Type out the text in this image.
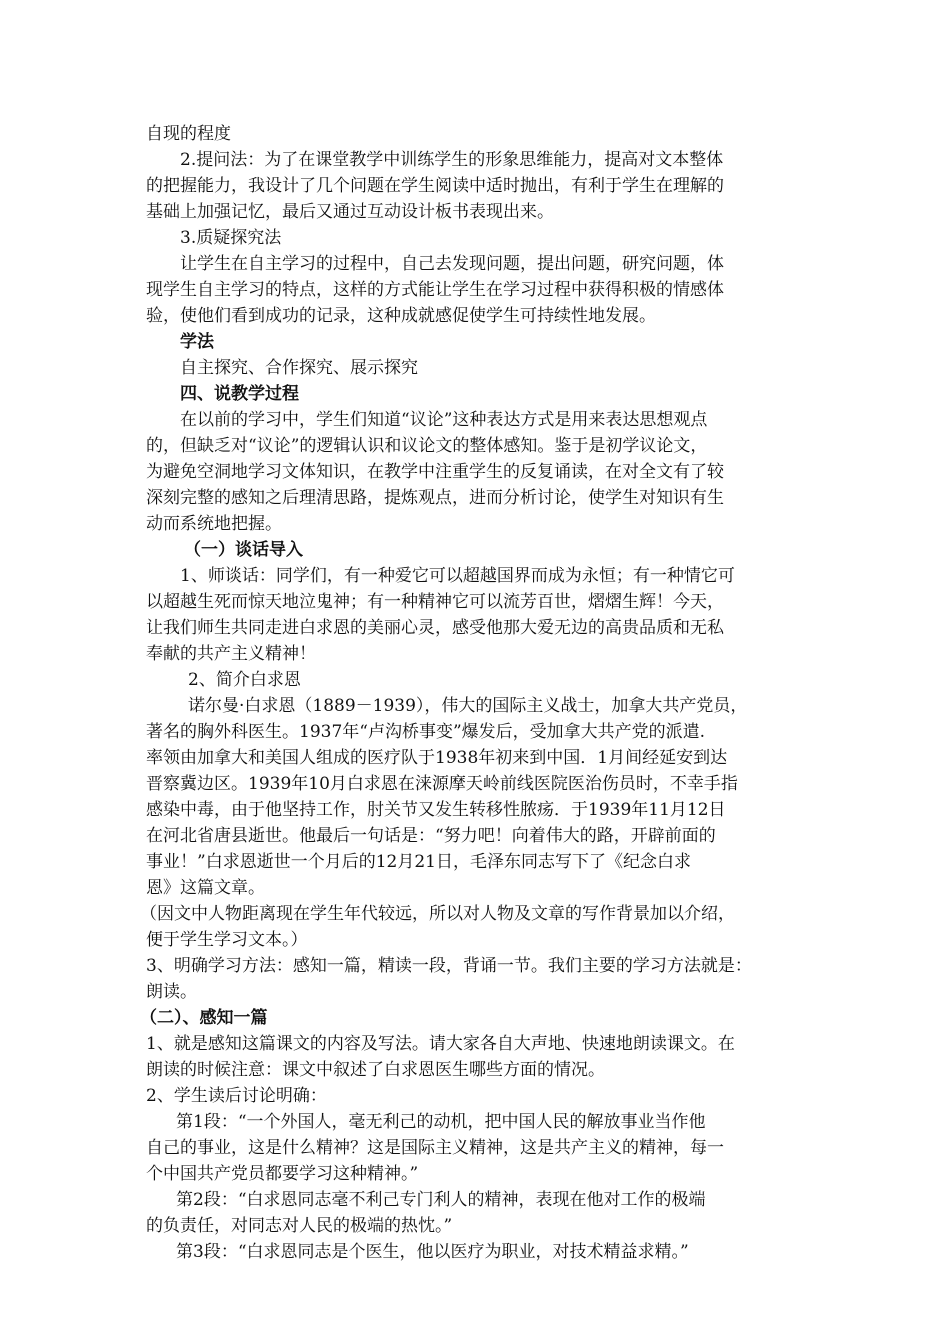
自现的程度
2.提问法：为了在课堂教学中训练学生的形象思维能力，提高对文本整体
的把握能力，我设计了几个问题在学生阅读中适时抛出，有利于学生在理解的
基础上加强记忆，最后又通过互动设计板书表现出来。
3.质疑探究法
让学生在自主学习的过程中，自己去发现问题，提出问题，研究问题，体
现学生自主学习的特点，这样的方式能让学生在学习过程中获得积极的情感体
验，使他们看到成功的记录，这种成就感促使学生可持续性地发展。
学法
自主探究、合作探究、展示探究
四、说教学过程
在以前的学习中，学生们知道“议论”这种表达方式是用来表达思想观点
的，但缺乏对“议论”的逻辑认识和议论文的整体感知。鉴于是初学议论文，
为避免空洞地学习文体知识，在教学中注重学生的反复诵读，在对全文有了较
深刻完整的感知之后理清思路，提炼观点，进而分析讨论，使学生对知识有生
动而系统地把握。
（一）谈话导入
1、师谈话：同学们，有一种爱它可以超越国界而成为永恒；有一种情它可
以超越生死而惊天地泣鬼神；有一种精神它可以流芳百世，熠熠生辉！今天，
让我们师生共同走进白求恩的美丽心灵，感受他那大爱无边的高贵品质和无私
奉献的共产主义精神！
2、简介白求恩
诺尔曼·白求恩（1889－1939），伟大的国际主义战士，加拿大共产党员，
著名的胸外科医生。1937年“卢沟桥事变”爆发后，受加拿大共产党的派遣.
率领由加拿大和美国人组成的医疗队于1938年初来到中国．1月间经延安到达
晋察冀边区。1939年10月白求恩在涞源摩天岭前线医院医治伤员时，不幸手指
感染中毒，由于他坚持工作，肘关节又发生转移性脓疡．于1939年11月12日
在河北省唐县逝世。他最后一句话是：“努力吧！向着伟大的路，开辟前面的
事业！”白求恩逝世一个月后的12月21日，毛泽东同志写下了《纪念白求
恩》这篇文章。
（因文中人物距离现在学生年代较远，所以对人物及文章的写作背景加以介绍，
便于学生学习文本。）
3、明确学习方法：感知一篇，精读一段，背诵一节。我们主要的学习方法就是：
朗读。
（二）、感知一篇
1、就是感知这篇课文的内容及写法。请大家各自大声地、快速地朗读课文。在
朗读的时候注意：课文中叙述了白求恩医生哪些方面的情况。
2、学生读后讨论明确：
第1段：“一个外国人，毫无利己的动机，把中国人民的解放事业当作他
自己的事业，这是什么精神？这是国际主义精神，这是共产主义的精神，每一
个中国共产党员都要学习这种精神。”
第2段：“白求恩同志毫不利己专门利人的精神，表现在他对工作的极端
的负责任，对同志对人民的极端的热忱。”
第3段：“白求恩同志是个医生，他以医疗为职业，对技术精益求精。”
